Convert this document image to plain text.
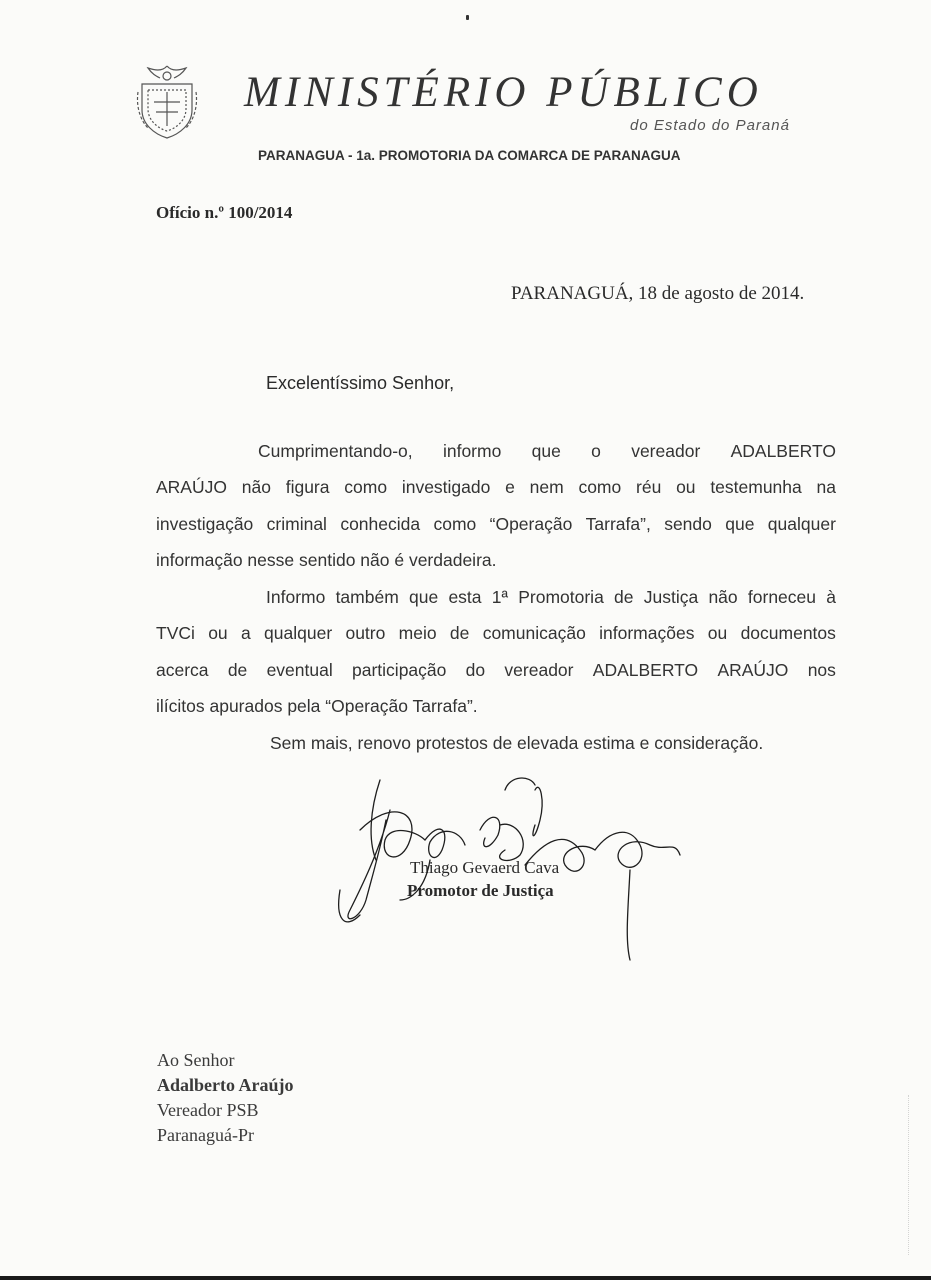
MINISTÉRIO PÚBLICO
do Estado do Paraná
PARANAGUA - 1a. PROMOTORIA DA COMARCA DE PARANAGUA
Ofício n.º 100/2014
PARANAGUÁ, 18 de agosto de 2014.
Excelentíssimo Senhor,
Cumprimentando-o, informo que o vereador ADALBERTO
ARAÚJO não figura como investigado e nem como réu ou testemunha na
investigação criminal conhecida como “Operação Tarrafa”, sendo que qualquer
informação nesse sentido não é verdadeira.
Informo também que esta 1ª Promotoria de Justiça não forneceu à
TVCi ou a qualquer outro meio de comunicação informações ou documentos
acerca de eventual participação do vereador ADALBERTO ARAÚJO nos
ilícitos apurados pela “Operação Tarrafa”.
Sem mais, renovo protestos de elevada estima e consideração.
Thiago Gevaerd Cava
Promotor de Justiça
Ao Senhor
Adalberto Araújo
Vereador PSB
Paranaguá-Pr
